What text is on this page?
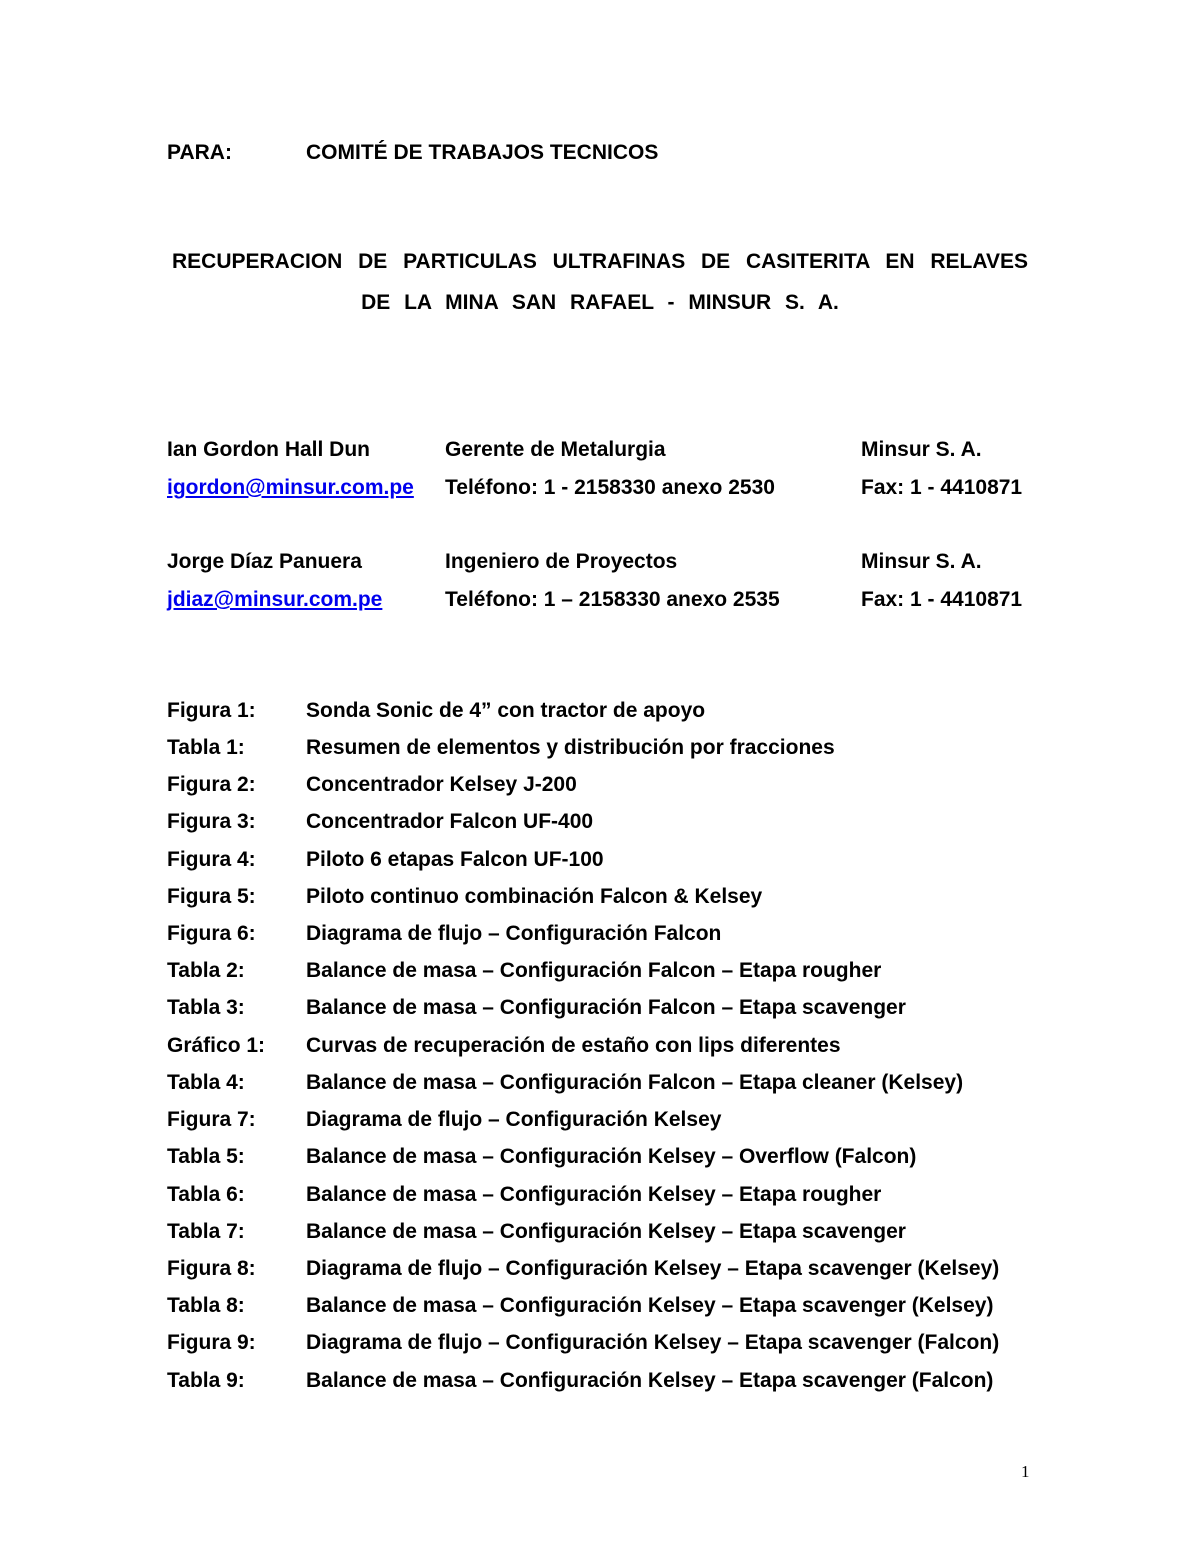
PARA:	COMITÉ DE TRABAJOS TECNICOS
RECUPERACION DE PARTICULAS ULTRAFINAS DE CASITERITA EN RELAVES
DE LA MINA SAN RAFAEL - MINSUR S. A.
Ian Gordon Hall Dun	Gerente de Metalurgia	Minsur S. A.
igordon@minsur.com.pe Teléfono: 1 - 2158330 anexo 2530	Fax: 1 - 4410871
Jorge Díaz Panuera	Ingeniero de Proyectos	Minsur S. A.
jdiaz@minsur.com.pe	Teléfono: 1 – 2158330 anexo 2535	Fax: 1 - 4410871
Figura 1: Sonda Sonic de 4” con tractor de apoyo
Tabla 1:	Resumen de elementos y distribución por fracciones
Figura 2: Concentrador Kelsey J-200
Figura 3: Concentrador Falcon UF-400
Figura 4: Piloto 6 etapas Falcon UF-100
Figura 5: Piloto continuo combinación Falcon & Kelsey
Figura 6: Diagrama de flujo – Configuración Falcon
Tabla 2:	Balance de masa – Configuración Falcon – Etapa rougher
Tabla 3:	Balance de masa – Configuración Falcon – Etapa scavenger
Gráfico 1: Curvas de recuperación de estaño con lips diferentes
Tabla 4:	Balance de masa – Configuración Falcon – Etapa cleaner (Kelsey)
Figura 7: Diagrama de flujo – Configuración Kelsey
Tabla 5:	Balance de masa – Configuración Kelsey – Overflow (Falcon)
Tabla 6:	Balance de masa – Configuración Kelsey – Etapa rougher
Tabla 7:	Balance de masa – Configuración Kelsey – Etapa scavenger
Figura 8: Diagrama de flujo – Configuración Kelsey – Etapa scavenger (Kelsey)
Tabla 8:	Balance de masa – Configuración Kelsey – Etapa scavenger (Kelsey)
Figura 9: Diagrama de flujo – Configuración Kelsey – Etapa scavenger (Falcon)
Tabla 9:	Balance de masa – Configuración Kelsey – Etapa scavenger (Falcon)
1
